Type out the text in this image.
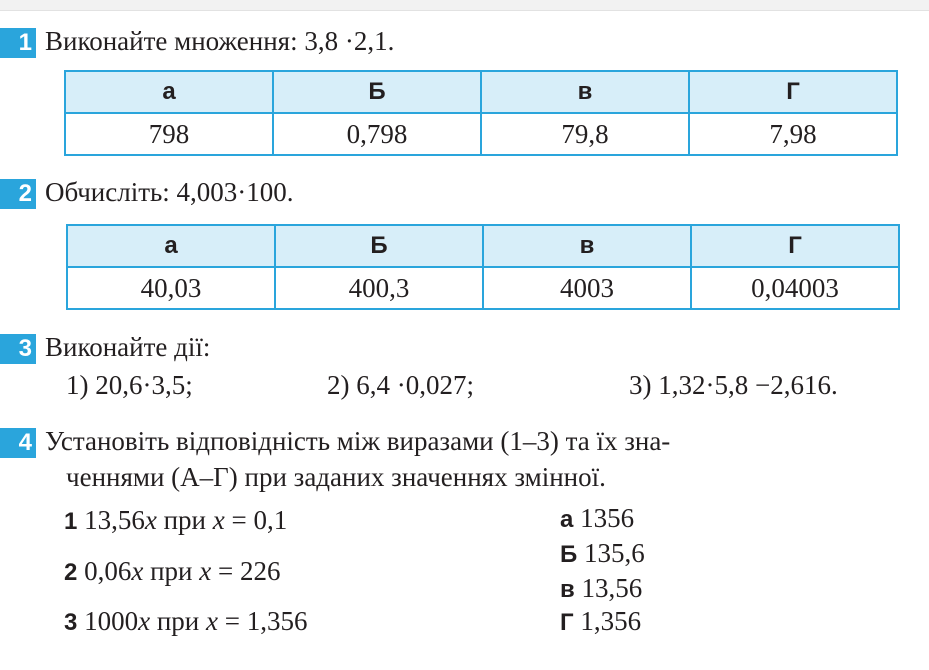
1 Виконайте множення: 3,8 ·2,1.
а	Б	в	Г
798	0,798	79,8	7,98
2 Обчисліть: 4,003·100.
а	Б	в	Г
40,03	400,3	4003	0,04003
3 Виконайте дії:
1) 20,6·3,5;	2) 6,4 ·0,027;	3) 1,32·5,8 −2,616.
4 Установіть відповідність між виразами (1–3) та їх зна-
ченнями (А–Г) при заданих значеннях змінної.
1 13,56x при x = 0,1
2 0,06x при x = 226
3 1000x при x = 1,356
а 1356
Б 135,6
в 13,56
Г 1,356
